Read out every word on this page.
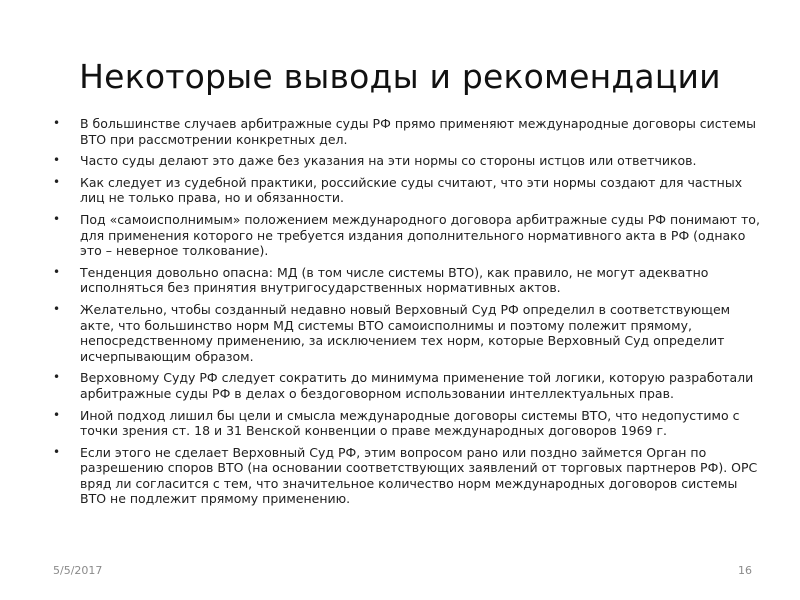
Некоторые выводы и рекомендации
• В большинстве случаев арбитражные суды РФ прямо применяют международные договоры системы ВТО при рассмотрении конкретных дел.
• Часто суды делают это даже без указания на эти нормы со стороны истцов или ответчиков.
• Как следует из судебной практики, российские суды считают, что эти нормы создают для частных лиц не только права, но и обязанности.
• Под «самоисполнимым» положением международного договора арбитражные суды РФ понимают то, для применения которого не требуется издания дополнительного нормативного акта в РФ (однако это – неверное толкование).
• Тенденция довольно опасна: МД (в том числе системы ВТО), как правило, не могут адекватно исполняться без принятия внутригосударственных нормативных актов.
• Желательно, чтобы созданный недавно новый Верховный Суд РФ определил в соответствующем акте, что большинство норм МД системы ВТО самоисполнимы и поэтому полежит прямому, непосредственному применению, за исключением тех норм, которые Верховный Суд определит исчерпывающим образом.
• Верховному Суду РФ следует сократить до минимума применение той логики, которую разработали арбитражные суды РФ в делах о бездоговорном использовании интеллектуальных прав.
• Иной подход лишил бы цели и смысла международные договоры системы ВТО, что недопустимо с точки зрения ст. 18 и 31 Венской конвенции о праве международных договоров 1969 г.
• Если этого не сделает Верховный Суд РФ, этим вопросом рано или поздно займется Орган по разрешению споров ВТО (на основании соответствующих заявлений от торговых партнеров РФ). ОРС вряд ли согласится с тем, что значительное количество норм международных договоров системы ВТО не подлежит прямому применению.
5/5/2017	16
